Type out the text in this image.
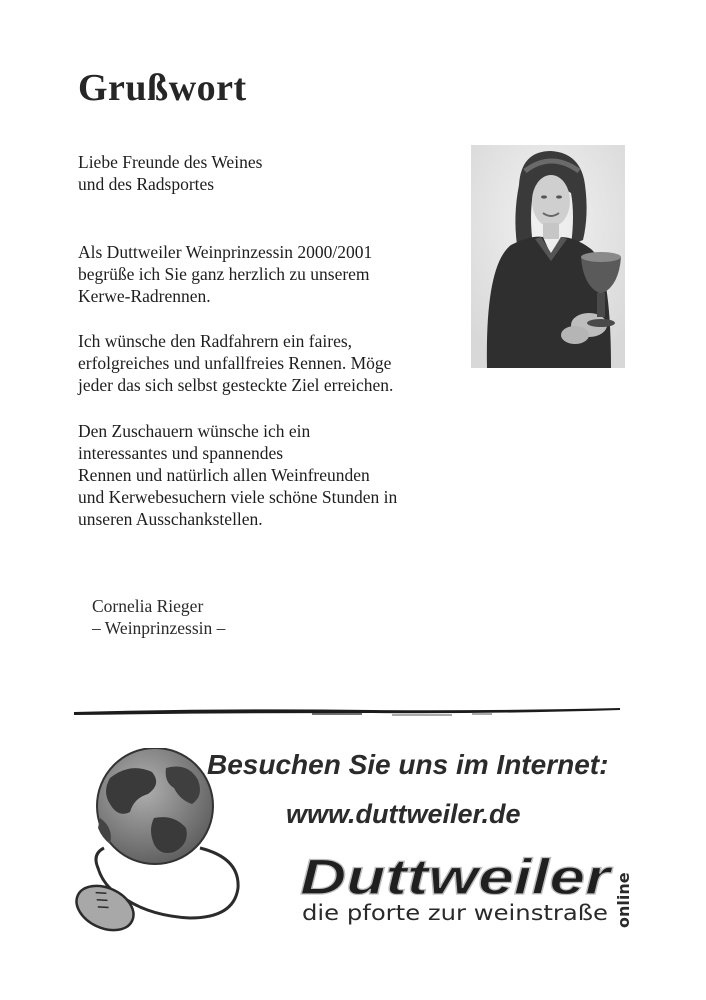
Grußwort
Liebe Freunde des Weines
und des Radsportes
Als Duttweiler Weinprinzessin 2000/2001
begrüße ich Sie ganz herzlich zu unserem
Kerwe-Radrennen.
Ich wünsche den Radfahrern ein faires,
erfolgreiches und unfallfreies Rennen. Möge
jeder das sich selbst gesteckte Ziel erreichen.
Den Zuschauern wünsche ich ein
interessantes und spannendes
Rennen und natürlich allen Weinfreunden
und Kerwebesuchern viele schöne Stunden in
unseren Ausschankstellen.
Cornelia Rieger
– Weinprinzessin –
Besuchen Sie uns im Internet:
www.duttweiler.de
Duttweiler
die pforte zur weinstraße online
